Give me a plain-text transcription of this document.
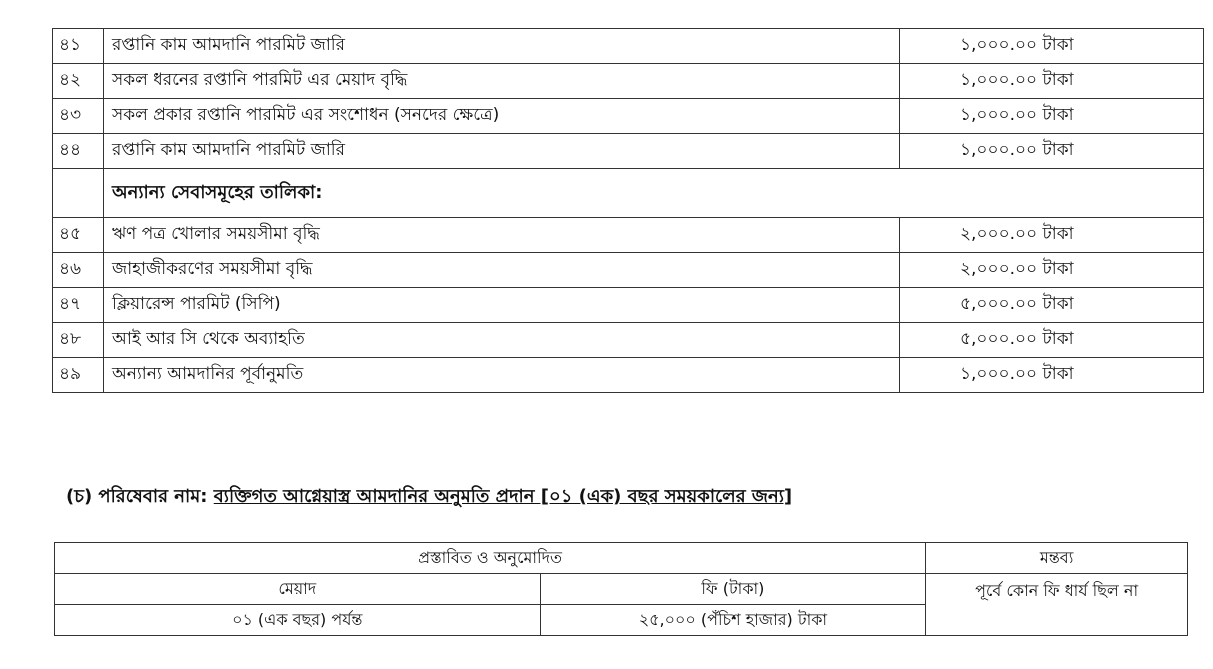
৪১	রপ্তানি কাম আমদানি পারমিট জারি	১,০০০.০০ টাকা
৪২	সকল ধরনের রপ্তানি পারমিট এর মেয়াদ বৃদ্ধি	১,০০০.০০ টাকা
৪৩	সকল প্রকার রপ্তানি পারমিট এর সংশোধন (সনদের ক্ষেত্রে)	১,০০০.০০ টাকা
৪৪	রপ্তানি কাম আমদানি পারমিট জারি	১,০০০.০০ টাকা
	অন্যান্য সেবাসমূহের তালিকা:	
৪৫	ঋণ পত্র খোলার সময়সীমা বৃদ্ধি	২,০০০.০০ টাকা
৪৬	জাহাজীকরণের সময়সীমা বৃদ্ধি	২,০০০.০০ টাকা
৪৭	ক্লিয়ারেন্স পারমিট (সিপি)	৫,০০০.০০ টাকা
৪৮	আই আর সি থেকে অব্যাহতি	৫,০০০.০০ টাকা
৪৯	অন্যান্য আমদানির পূর্বানুমতি	১,০০০.০০ টাকা
(চ) পরিষেবার নাম: ব্যক্তিগত আগ্নেয়াস্ত্র আমদানির অনুমতি প্রদান [০১ (এক) বছর সময়কালের জন্য]
প্রস্তাবিত ও অনুমোদিত		মন্তব্য
মেয়াদ	ফি (টাকা)	পূর্বে কোন ফি ধার্য ছিল না
০১ (এক বছর) পর্যন্ত	২৫,০০০ (পঁচিশ হাজার) টাকা	
